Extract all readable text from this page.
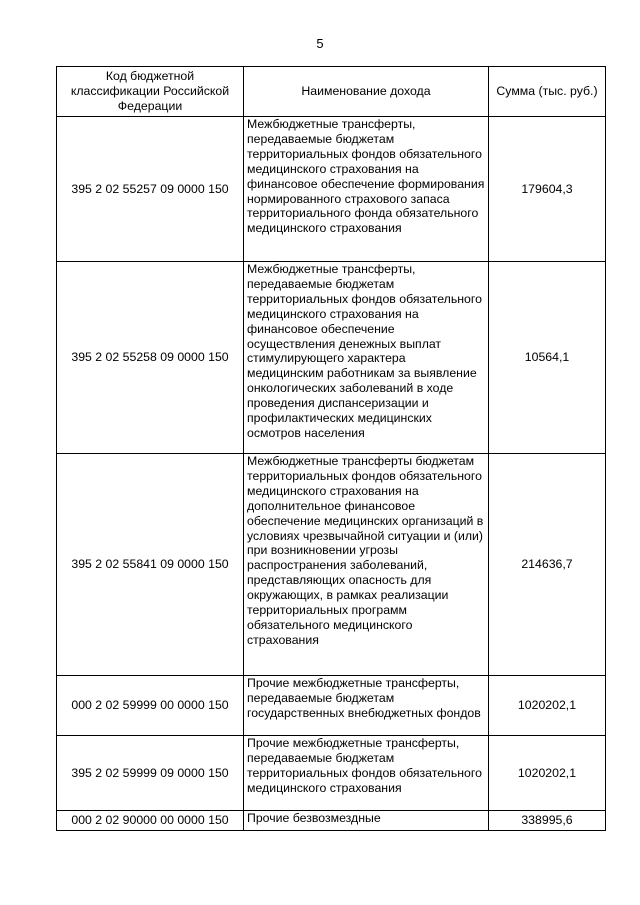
5
Код бюджетной классификации Российской Федерации	Наименование дохода	Сумма (тыс. руб.)
395 2 02 55257 09 0000 150	Межбюджетные трансферты, передаваемые бюджетам территориальных фондов обязательного медицинского страхования на финансовое обеспечение формирования нормированного страхового запаса территориального фонда обязательного медицинского страхования	179604,3
395 2 02 55258 09 0000 150	Межбюджетные трансферты, передаваемые бюджетам территориальных фондов обязательного медицинского страхования на финансовое обеспечение осуществления денежных выплат стимулирующего характера медицинским работникам за выявление онкологических заболеваний в ходе проведения диспансеризации и профилактических медицинских осмотров населения	10564,1
395 2 02 55841 09 0000 150	Межбюджетные трансферты бюджетам территориальных фондов обязательного медицинского страхования на дополнительное финансовое обеспечение медицинских организаций в условиях чрезвычайной ситуации и (или) при возникновении угрозы распространения заболеваний, представляющих опасность для окружающих, в рамках реализации территориальных программ обязательного медицинского страхования	214636,7
000 2 02 59999 00 0000 150	Прочие межбюджетные трансферты, передаваемые бюджетам государственных внебюджетных фондов	1020202,1
395 2 02 59999 09 0000 150	Прочие межбюджетные трансферты, передаваемые бюджетам территориальных фондов обязательного медицинского страхования	1020202,1
000 2 02 90000 00 0000 150	Прочие безвозмездные	338995,6
